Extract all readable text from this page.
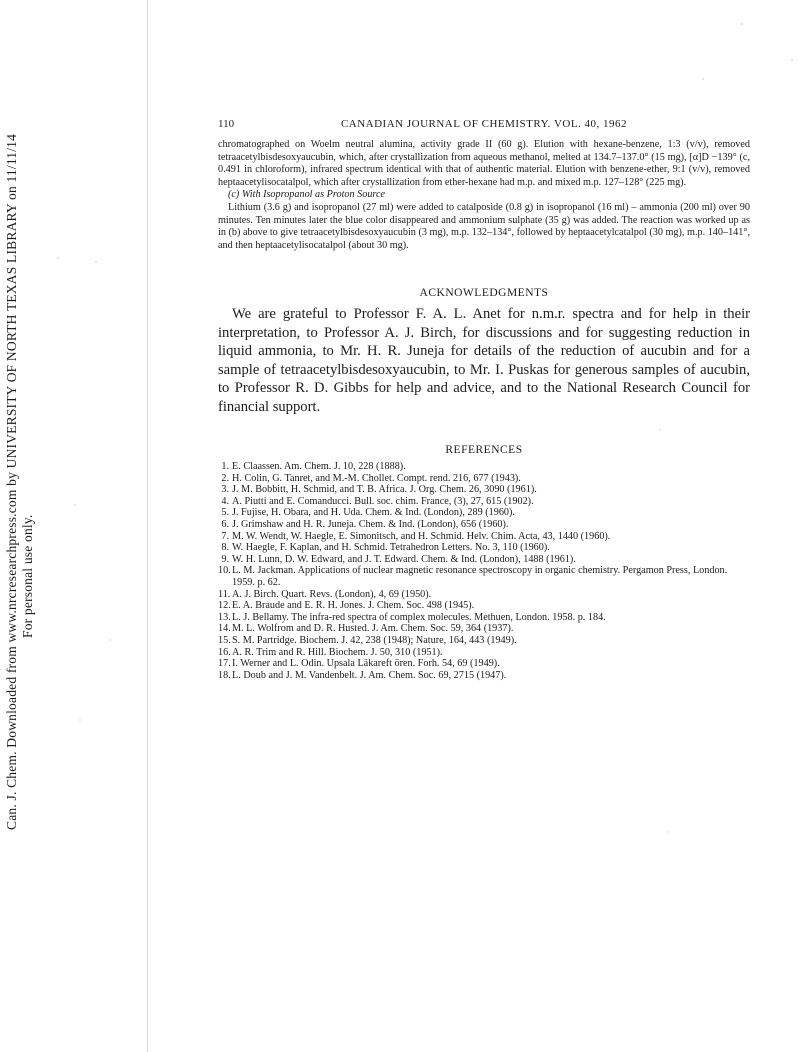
Can. J. Chem. Downloaded from www.nrcresearchpress.com by UNIVERSITY OF NORTH TEXAS LIBRARY on 11/11/14 For personal use only.
110	CANADIAN JOURNAL OF CHEMISTRY. VOL. 40, 1962

chromatographed on Woelm neutral alumina, activity grade II (60 g). Elution with hexane-benzene, 1:3 (v/v), removed tetraacetylbisdesoxyaucubin, which, after crystallization from aqueous methanol, melted at 134.7–137.0° (15 mg), [α]D −139° (c, 0.491 in chloroform), infrared spectrum identical with that of authentic material. Elution with benzene-ether, 9:1 (v/v), removed heptaacetylisocatalpol, which after crystallization from ether-hexane had m.p. and mixed m.p. 127–128° (225 mg).

(c) With Isopropanol as Proton Source

Lithium (3.6 g) and isopropanol (27 ml) were added to catalposide (0.8 g) in isopropanol (16 ml) – ammonia (200 ml) over 90 minutes. Ten minutes later the blue color disappeared and ammonium sulphate (35 g) was added. The reaction was worked up as in (b) above to give tetraacetylbisdesoxyaucubin (3 mg), m.p. 132–134°, followed by heptaacetylcatalpol (30 mg), m.p. 140–141°, and then heptaacetylisocatalpol (about 30 mg).

ACKNOWLEDGMENTS

We are grateful to Professor F. A. L. Anet for n.m.r. spectra and for help in their interpretation, to Professor A. J. Birch, for discussions and for suggesting reduction in liquid ammonia, to Mr. H. R. Juneja for details of the reduction of aucubin and for a sample of tetraacetylbisdesoxyaucubin, to Mr. I. Puskas for generous samples of aucubin, to Professor R. D. Gibbs for help and advice, and to the National Research Council for financial support.

REFERENCES
1. E. Claassen. Am. Chem. J. 10, 228 (1888).
2. H. Colin, G. Tanret, and M.-M. Chollet. Compt. rend. 216, 677 (1943).
3. J. M. Bobbitt, H. Schmid, and T. B. Africa. J. Org. Chem. 26, 3090 (1961).
4. A. Piutti and E. Comanducci. Bull. soc. chim. France, (3), 27, 615 (1902).
5. J. Fujise, H. Obara, and H. Uda. Chem. & Ind. (London), 289 (1960).
6. J. Grimshaw and H. R. Juneja. Chem. & Ind. (London), 656 (1960).
7. M. W. Wendt, W. Haegle, E. Simonitsch, and H. Schmid. Helv. Chim. Acta, 43, 1440 (1960).
8. W. Haegle, F. Kaplan, and H. Schmid. Tetrahedron Letters. No. 3, 110 (1960).
9. W. H. Lunn, D. W. Edward, and J. T. Edward. Chem. & Ind. (London), 1488 (1961).
10. L. M. Jackman. Applications of nuclear magnetic resonance spectroscopy in organic chemistry. Pergamon Press, London. 1959. p. 62.
11. A. J. Birch. Quart. Revs. (London), 4, 69 (1950).
12. E. A. Braude and E. R. H. Jones. J. Chem. Soc. 498 (1945).
13. L. J. Bellamy. The infra-red spectra of complex molecules. Methuen, London. 1958. p. 184.
14. M. L. Wolfrom and D. R. Husted. J. Am. Chem. Soc. 59, 364 (1937).
15. S. M. Partridge. Biochem. J. 42, 238 (1948); Nature, 164, 443 (1949).
16. A. R. Trim and R. Hill. Biochem. J. 50, 310 (1951).
17. I. Werner and L. Odin. Upsala Läkareft ören. Forh. 54, 69 (1949).
18. L. Doub and J. M. Vandenbelt. J. Am. Chem. Soc. 69, 2715 (1947).
